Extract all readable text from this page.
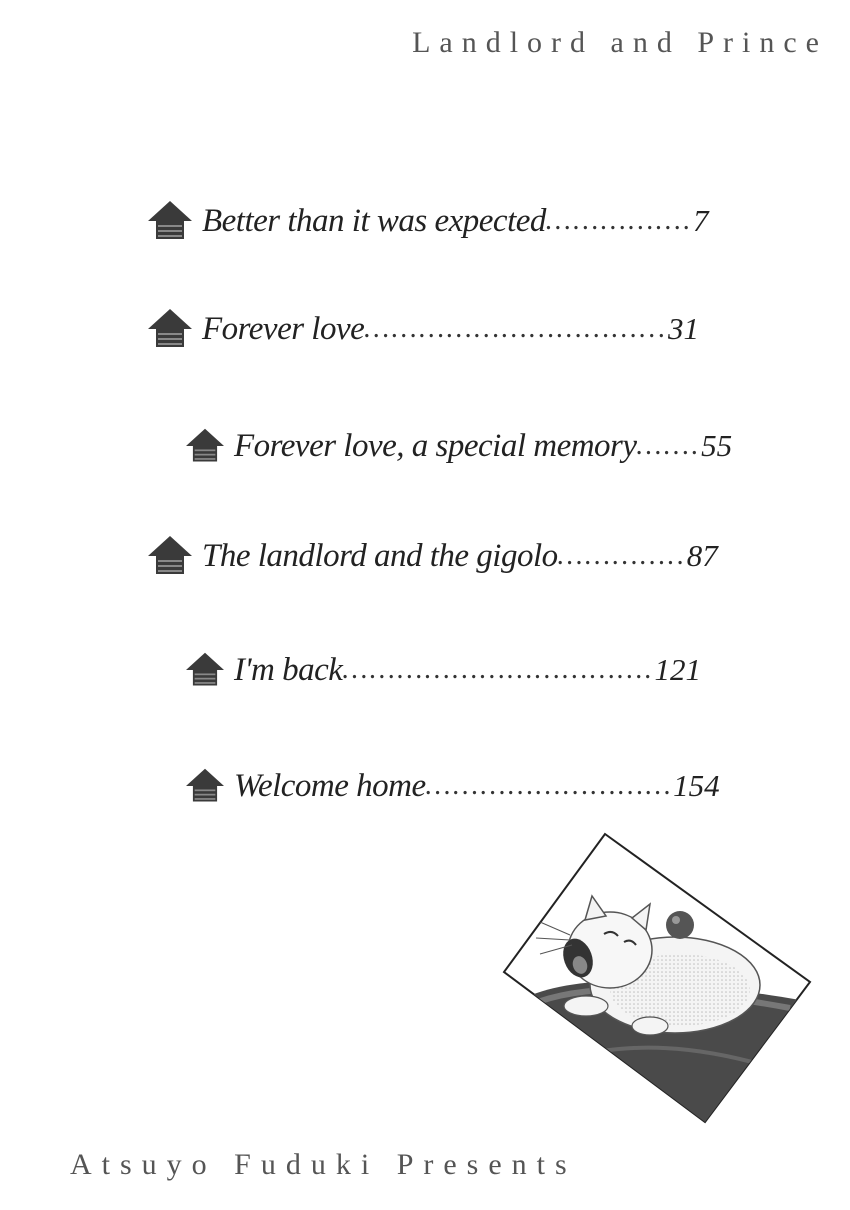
Landlord and Prince
Better than it was expected ……………. 7
Forever love …………………………... 31
Forever love, a special memory ……. 55
The landlord and the gigolo ………….. 87
I'm back ……………………………. 121
Welcome home ……………………… 154
Atsuyo Fuduki Presents
